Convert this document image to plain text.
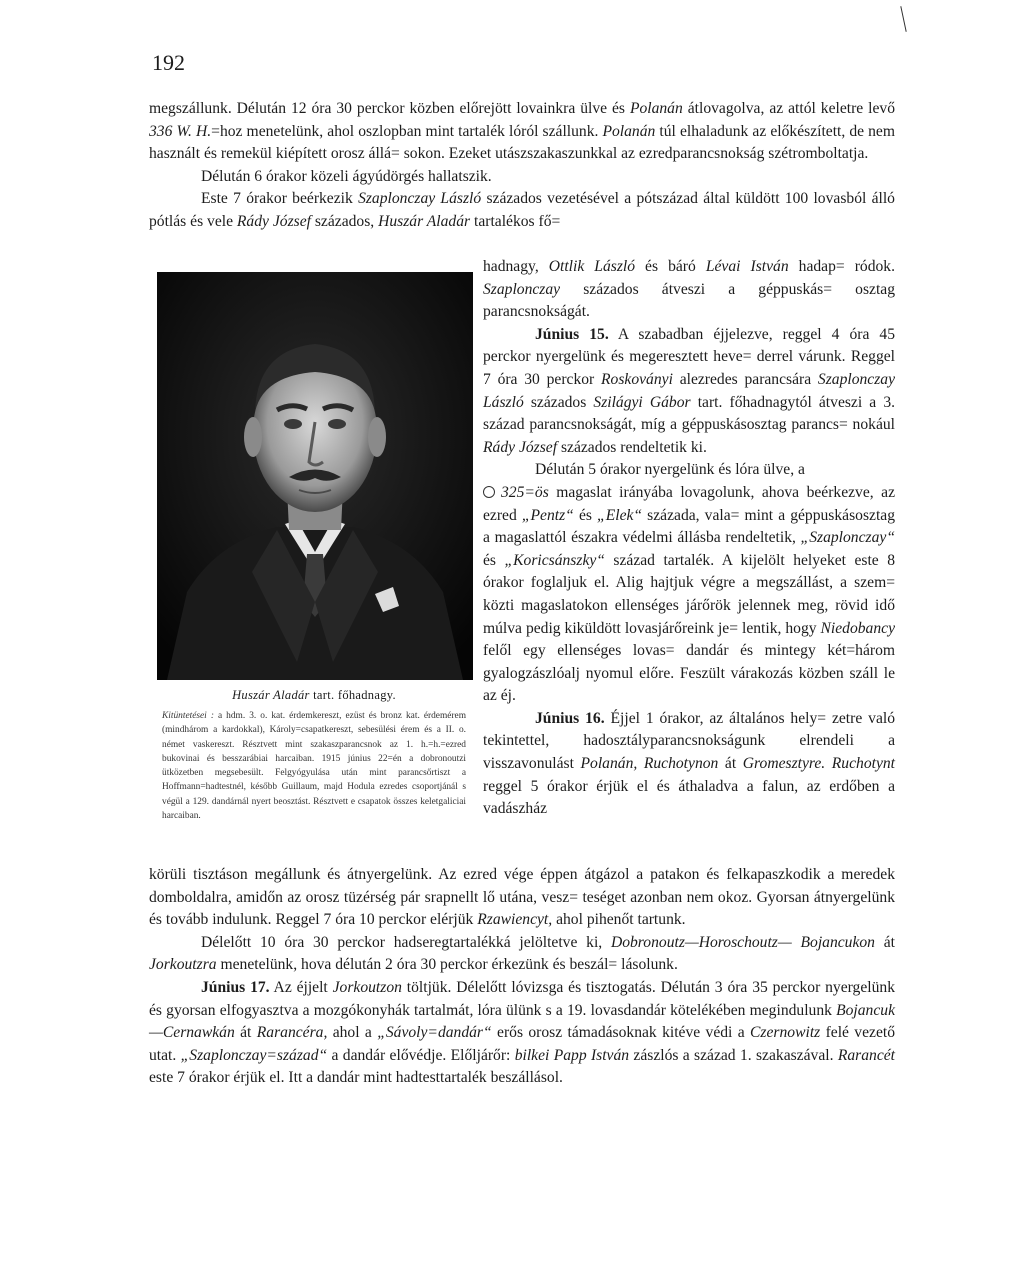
192

megszállunk. Délután 12 óra 30 perckor közben előrejött lovainkra ülve és Polanán átlovagolva, az attól keletre levő 336 W. H.=hoz menetelünk, ahol oszlopban mint tartalék lóról szállunk. Polanán túl elhaladunk az előkészített, de nem használt és remekül kiépített orosz állá= sokon. Ezeket utászszakaszunkkal az ezredparancsnokság szétromboltatja.

Délután 6 órakor közeli ágyúdörgés hallatszik.

Este 7 órakor beérkezik Szaplonczay László százados vezetésével a pótszázad által küldött 100 lovasból álló pótlás és vele Rády József százados, Huszár Aladár tartalékos fő=

Huszár Aladár tart. főhadnagy.

Kitüntetései : a hdm. 3. o. kat. érdemkereszt, ezüst és bronz kat. érdemérem (mindhárom a kardokkal), Károly=csapatkereszt, sebesülési érem és a II. o. német vaskereszt. Résztvett mint szakaszparancsnok az 1. h.=h.=ezred bukovinai és besszarábiai harcaiban. 1915 június 22=én a dobronoutzi ütközetben megsebesült. Felgyógyulása után mint parancsőrtiszt a Hoffmann=hadtestnél, később Guillaum, majd Hodula ezredes csoportjánál s végül a 129. dandárnál nyert beosztást. Résztvett e csapatok összes keletgaliciai harcaiban.

hadnagy, Ottlik László és báró Lévai István hadap= ródok. Szaplonczay százados átveszi a géppuskás= osztag parancsnokságát.

Június 15. A szabadban éjjelezve, reggel 4 óra 45 perckor nyergelünk és megeresztett heve= derrel várunk. Reggel 7 óra 30 perckor Roskoványi alezredes parancsára Szaplonczay László százados Szilágyi Gábor tart. főhadnagytól átveszi a 3. század parancsnokságát, míg a géppuskásosztag parancs= nokául Rády József százados rendeltetik ki.

Délután 5 órakor nyergelünk és lóra ülve, a
325=ös magaslat irányába lovagolunk, ahova beérkezve, az ezred „Pentz“ és „Elek“ százada, vala= mint a géppuskásosztag a magaslattól északra védelmi állásba rendeltetik, „Szaplonczay“ és „Koricsánszky“ század tartalék. A kijelölt helyeket este 8 órakor foglaljuk el. Alig hajtjuk végre a megszállást, a szem= közti magaslatokon ellenséges járőrök jelennek meg, rövid idő múlva pedig kiküldött lovasjárőreink je= lentik, hogy Niedobancy felől egy ellenséges lovas= dandár és mintegy két=három gyalogzászlóalj nyomul előre. Feszült várakozás közben száll le az éj.

Június 16. Éjjel 1 órakor, az általános hely= zetre való tekintettel, hadosztályparancsnokságunk elrendeli a visszavonulást Polanán, Ruchotynon át Gromesztyre. Ruchotynt reggel 5 órakor érjük el és áthaladva a falun, az erdőben a vadászház

körüli tisztáson megállunk és átnyergelünk. Az ezred vége éppen átgázol a patakon és felkapaszkodik a meredek domboldalra, amidőn az orosz tüzérség pár srapnellt lő utána, vesz= teséget azonban nem okoz. Gyorsan átnyergelünk és tovább indulunk. Reggel 7 óra 10 perckor elérjük Rzawiencyt, ahol pihenőt tartunk.

Délelőtt 10 óra 30 perckor hadseregtartalékká jelöltetve ki, Dobronoutz—Horoschoutz— Bojancukon át Jorkoutzra menetelünk, hova délután 2 óra 30 perckor érkezünk és beszál= lásolunk.

Június 17. Az éjjelt Jorkoutzon töltjük. Délelőtt lóvizsga és tisztogatás. Délután 3 óra 35 perckor nyergelünk és gyorsan elfogyasztva a mozgókonyhák tartalmát, lóra ülünk s a 19. lovasdandár kötelékében megindulunk Bojancuk—Cernawkán át Rarancéra, ahol a „Sávoly=dandár“ erős orosz támadásoknak kitéve védi a Czernowitz felé vezető utat. „Szaplonczay=század“ a dandár elővédje. Előljárőr: bilkei Papp István zászlós a század 1. szakaszával. Rarancét este 7 órakor érjük el. Itt a dandár mint hadtesttartalék beszállásol.
